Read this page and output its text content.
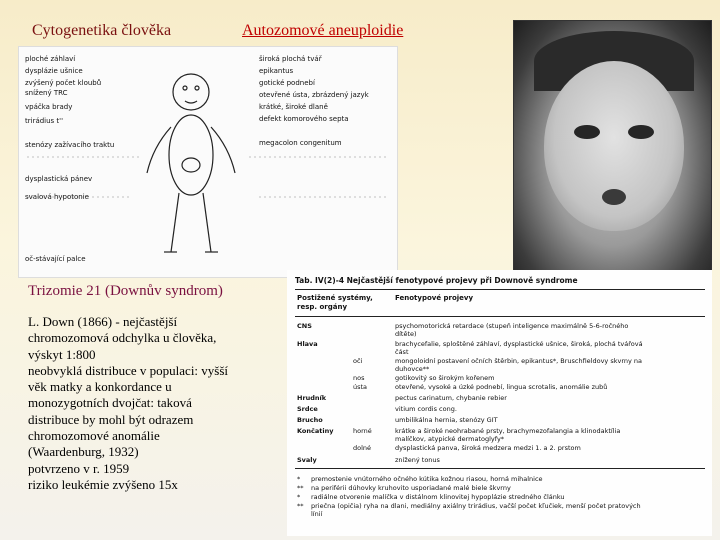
Cytogenetika člověka	Autozomové aneuploidie
ploché záhlaví
dysplázie ušnice
zvýšený počet kloubů
snížený TRC
vpáčka brady
trirádius t''
stenózy zažívacího traktu
dysplastická pánev
svalová hypotonie
oč-stávající palce
široká plochá tvář
epikantus
gotické podnebí
otevřené ústa, zbrázdený jazyk
krátké, široké dlaně
defekt komorového septa
megacolon congenitum
Trizomie 21 (Downův syndrom)
L. Down (1866) - nejčastější
chromozomová odchylka u člověka,
výskyt 1:800
neobvyklá distribuce v populaci: vyšší
věk matky a konkordance u
monozygotních dvojčat: taková
distribuce by mohl být odrazem
chromozomové anomálie
(Waardenburg, 1932)
potvrzeno v r. 1959
riziko leukémie zvýšeno 15x
Tab. IV(2)-4 Nejčastější fenotypové projevy při Downově syndrome
Postižené systémy,
resp. orgány
Fenotypové projevy
CNS	psychomotorická retardace (stupeň inteligence maximálně 5-6-ročného
dítěte)
Hlava	brachycefalie, sploštěné záhlaví, dysplastické ušnice, široká, plochá tvářová
část
oči	mongoloidní postavení očních štěrbin, epikantus*, Bruschfieldovy skvrny na
duhovce**
nos	gotikovitý so širokým kořenem
ústa	otevřené, vysoké a úzké podnebí, lingua scrotalis, anomálie zubů
Hrudník	pectus carinatum, chybanie rebier
Srdce	vitium cordis cong.
Brucho	umbilikálna hernia, stenózy GIT
Končatiny	horné	krátke a široké neohrabané prsty, brachymezofalangia a klinodaktília
malíčkov, atypické dermatoglyfy*
dolné	dysplastická panva, široká medzera medzi 1. a 2. prstom
Svaly	znížený tonus
* premostenie vnútorného očného kútika kožnou riasou, horná mihalnice
** na periférii dúhovky kruhovito usporiadané malé biele škvrny
* radiálne otvorenie malíčka v distálnom klinovitej hypoplázie stredného článku
** priečna (opičia) ryha na dlani, mediálny axiálny trirádius, vačší počet kľučiek, menší počet pratových
línií
